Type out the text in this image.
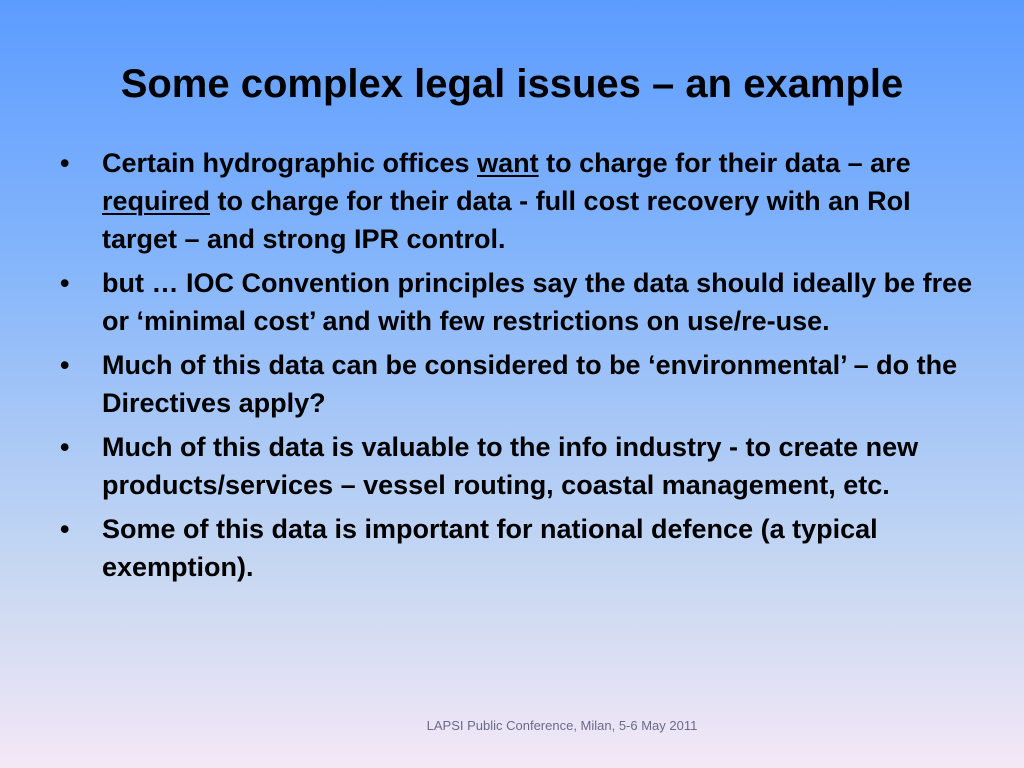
Some complex legal issues – an example
•	Certain hydrographic offices want to charge for their data – are required to charge for their data - full cost recovery with an RoI target – and strong IPR control.
•	but … IOC Convention principles say the data should ideally be free or ‘minimal cost’ and with few restrictions on use/re-use.
•	Much of this data can be considered to be ‘environmental’ – do the Directives apply?
•	Much of this data is valuable to the info industry - to create new products/services – vessel routing, coastal management, etc.
•	Some of this data is important for national defence (a typical exemption).
LAPSI Public Conference, Milan, 5-6 May 2011
